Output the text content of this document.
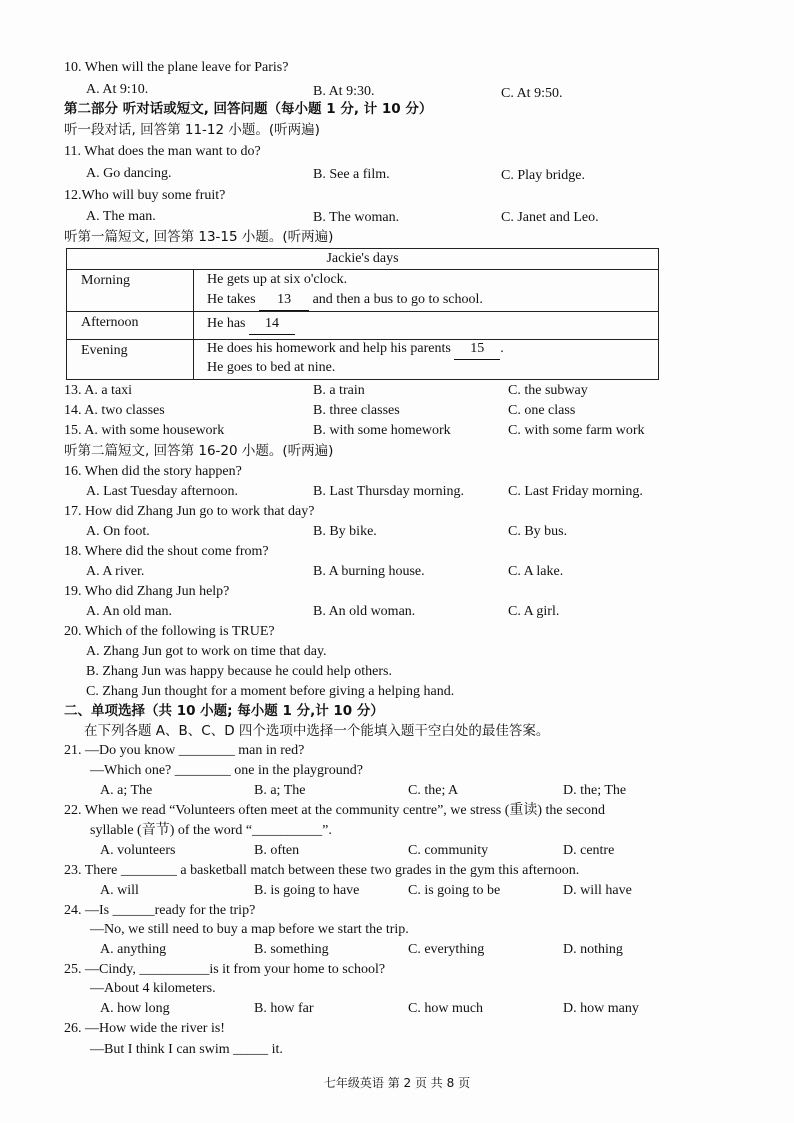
10. When will the plane leave for Paris?
A. At 9:10.	B. At 9:30.	C. At 9:50.
第二部分 听对话或短文, 回答问题（每小题 1 分, 计 10 分）
听一段对话, 回答第 11-12 小题。(听两遍)
11. What does the man want to do?
A. Go dancing.	B. See a film.	C. Play bridge.
12.Who will buy some fruit?
A. The man.	B. The woman.	C. Janet and Leo.
听第一篇短文, 回答第 13-15 小题。(听两遍)
Jackie's days
Morning	He gets up at six o'clock.
He takes 13 and then a bus to go to school.
Afternoon	He has 14
Evening	He does his homework and help his parents 15 .
He goes to bed at nine.
13. A. a taxi	B. a train	C. the subway
14. A. two classes	B. three classes	C. one class
15. A. with some housework	B. with some homework	C. with some farm work
听第二篇短文, 回答第 16-20 小题。(听两遍)
16. When did the story happen?
A. Last Tuesday afternoon.	B. Last Thursday morning.	C. Last Friday morning.
17. How did Zhang Jun go to work that day?
A. On foot.	B. By bike.	C. By bus.
18. Where did the shout come from?
A. A river.	B. A burning house.	C. A lake.
19. Who did Zhang Jun help?
A. An old man.	B. An old woman.	C. A girl.
20. Which of the following is TRUE?
A. Zhang Jun got to work on time that day.
B. Zhang Jun was happy because he could help others.
C. Zhang Jun thought for a moment before giving a helping hand.
二、单项选择（共 10 小题; 每小题 1 分,计 10 分）
在下列各题 A、B、C、D 四个选项中选择一个能填入题干空白处的最佳答案。
21. —Do you know ________ man in red?
—Which one? ________ one in the playground?
A. a; The	B. a; The	C. the; A	D. the; The
22. When we read “Volunteers often meet at the community centre”, we stress (重读) the second
syllable (音节) of the word “__________”.
A. volunteers	B. often	C. community	D. centre
23. There ________ a basketball match between these two grades in the gym this afternoon.
A. will	B. is going to have	C. is going to be	D. will have
24. —Is ______ready for the trip?
—No, we still need to buy a map before we start the trip.
A. anything	B. something	C. everything	D. nothing
25. —Cindy, __________is it from your home to school?
—About 4 kilometers.
A. how long	B. how far	C. how much	D. how many
26. —How wide the river is!
—But I think I can swim _____ it.
七年级英语 第 2 页 共 8 页
